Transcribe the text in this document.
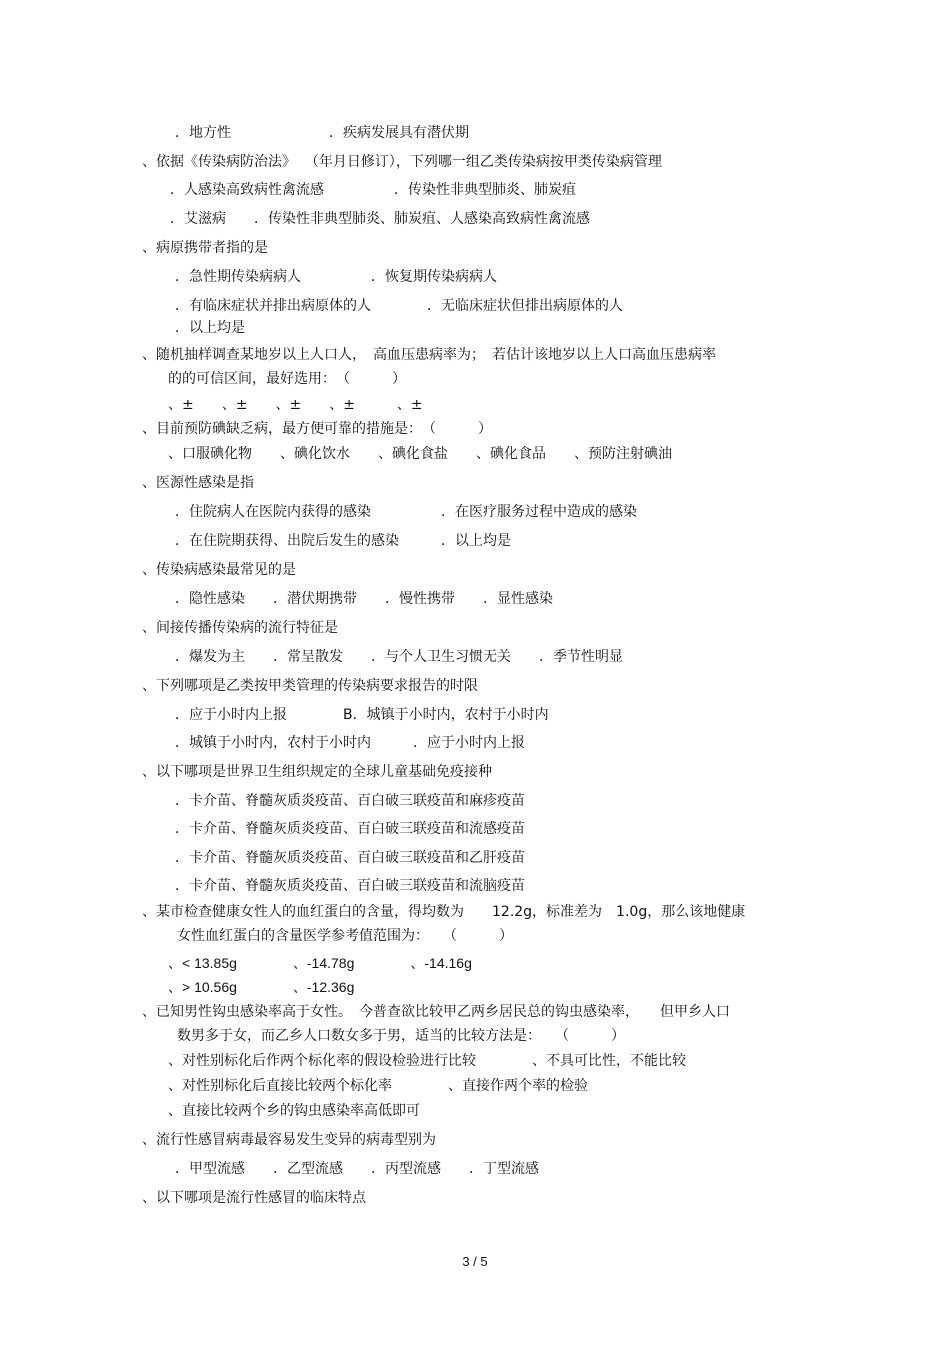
．地方性　　　　　　　．疾病发展具有潜伏期
、依据《传染病防治法》  （年月日修订），下列哪一组乙类传染病按甲类传染病管理
．人感染高致病性禽流感　　　　　．传染性非典型肺炎、肺炭疽
．艾滋病　　．传染性非典型肺炎、肺炭疽、人感染高致病性禽流感
、病原携带者指的是
．急性期传染病病人　　　　　．恢复期传染病病人
．有临床症状并排出病原体的人　　　　．无临床症状但排出病原体的人
．以上均是
、随机抽样调查某地岁以上人口人，　高血压患病率为；　若估计该地岁以上人口高血压患病率
的的可信区间，最好选用：　（　　　）
、±　　、±　　、±　　、±　　　、±
、目前预防碘缺乏病，最方便可靠的措施是：　（　　　）
、口服碘化物　　、碘化饮水　　、碘化食盐　　、碘化食品　　、预防注射碘油
、医源性感染是指
．住院病人在医院内获得的感染　　　　　．在医疗服务过程中造成的感染
．在住院期获得、出院后发生的感染　　　．以上均是
、传染病感染最常见的是
．隐性感染　　．潜伏期携带　　．慢性携带　　．显性感染
、间接传播传染病的流行特征是
．爆发为主　　．常呈散发　　．与个人卫生习惯无关　　．季节性明显
、下列哪项是乙类按甲类管理的传染病要求报告的时限
．应于小时内上报　　　　B．城镇于小时内，农村于小时内
．城镇于小时内，农村于小时内　　　．应于小时内上报
、以下哪项是世界卫生组织规定的全球儿童基础免疫接种
．卡介苗、脊髓灰质炎疫苗、百白破三联疫苗和麻疹疫苗
．卡介苗、脊髓灰质炎疫苗、百白破三联疫苗和流感疫苗
．卡介苗、脊髓灰质炎疫苗、百白破三联疫苗和乙肝疫苗
．卡介苗、脊髓灰质炎疫苗、百白破三联疫苗和流脑疫苗
、某市检查健康女性人的血红蛋白的含量，得均数为　　12.2g，标准差为　1.0g，那么该地健康
女性血红蛋白的含量医学参考值范围为：　　（　　　）
、< 13.85g　　　　、-14.78g　　　　、-14.16g
、> 10.56g　　　　、-12.36g
、已知男性钩虫感染率高于女性。　今普查欲比较甲乙两乡居民总的钩虫感染率，　　但甲乡人口
数男多于女，而乙乡人口数女多于男，适当的比较方法是：　　（　　　）
、对性别标化后作两个标化率的假设检验进行比较　　　　、不具可比性，不能比较
、对性别标化后直接比较两个标化率　　　　、直接作两个率的检验
、直接比较两个乡的钩虫感染率高低即可
、流行性感冒病毒最容易发生变异的病毒型别为
．甲型流感　　．乙型流感　　．丙型流感　　．丁型流感
、以下哪项是流行性感冒的临床特点
3 / 5
